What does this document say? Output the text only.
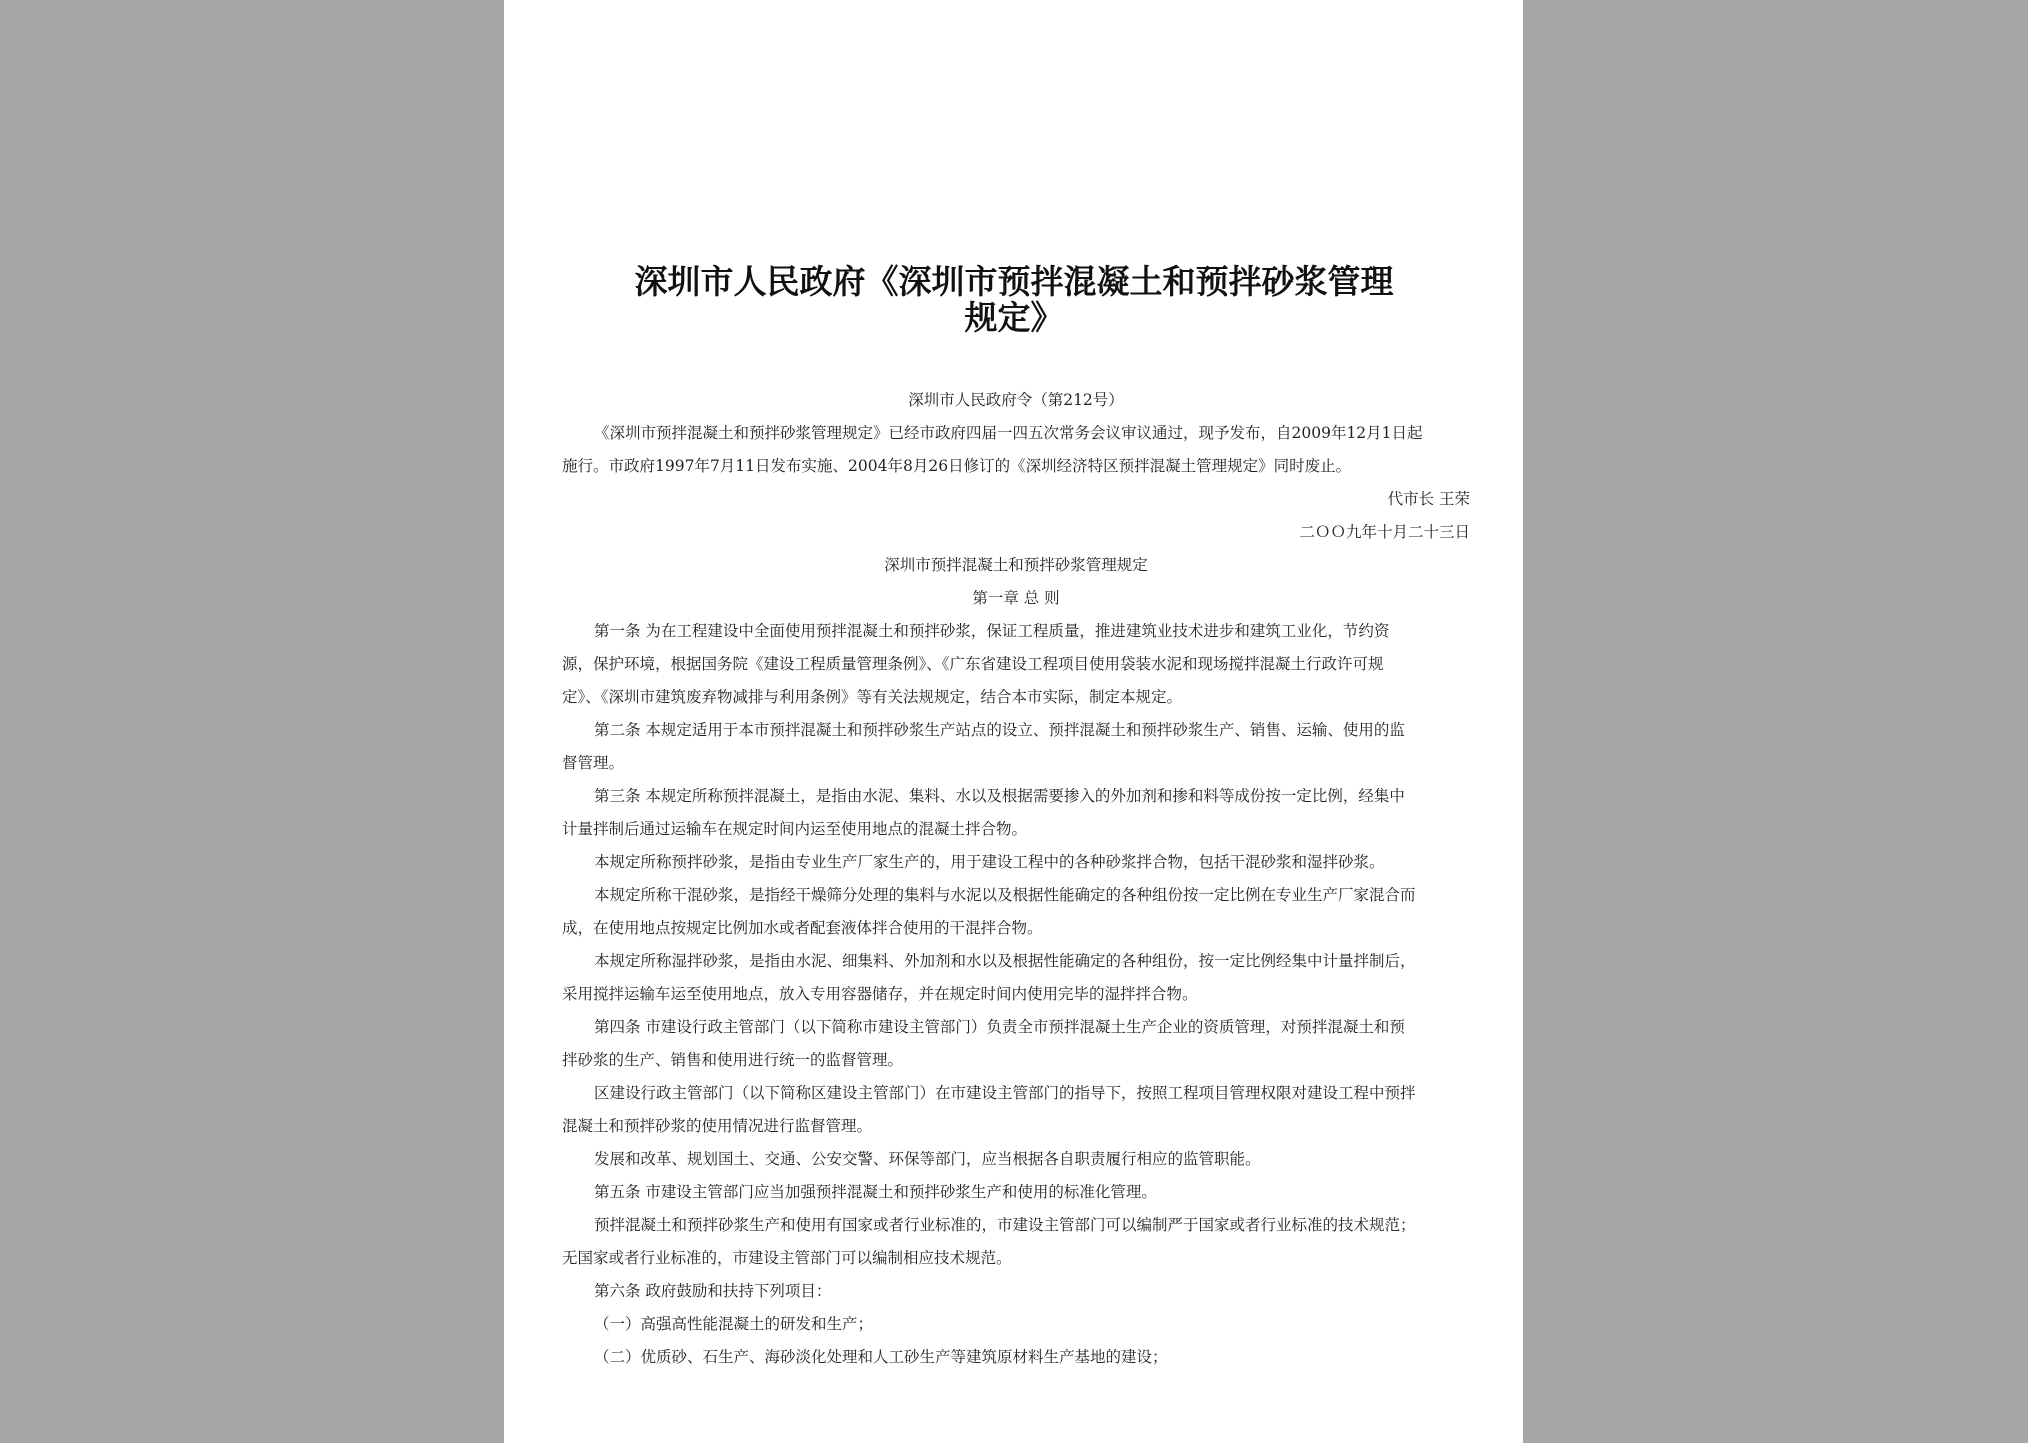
深圳市人民政府《深圳市预拌混凝土和预拌砂浆管理
规定》
深圳市人民政府令（第212号）
《深圳市预拌混凝土和预拌砂浆管理规定》已经市政府四届一四五次常务会议审议通过，现予发布，自2009年12月1日起
施行。市政府1997年7月11日发布实施、2004年8月26日修订的《深圳经济特区预拌混凝土管理规定》同时废止。
代市长 王荣
二ＯＯ九年十月二十三日
深圳市预拌混凝土和预拌砂浆管理规定
第一章 总 则
第一条 为在工程建设中全面使用预拌混凝土和预拌砂浆，保证工程质量，推进建筑业技术进步和建筑工业化，节约资
源，保护环境，根据国务院《建设工程质量管理条例》、《广东省建设工程项目使用袋装水泥和现场搅拌混凝土行政许可规
定》、《深圳市建筑废弃物减排与利用条例》等有关法规规定，结合本市实际，制定本规定。
第二条 本规定适用于本市预拌混凝土和预拌砂浆生产站点的设立、预拌混凝土和预拌砂浆生产、销售、运输、使用的监
督管理。
第三条 本规定所称预拌混凝土，是指由水泥、集料、水以及根据需要掺入的外加剂和掺和料等成份按一定比例，经集中
计量拌制后通过运输车在规定时间内运至使用地点的混凝土拌合物。
本规定所称预拌砂浆，是指由专业生产厂家生产的，用于建设工程中的各种砂浆拌合物，包括干混砂浆和湿拌砂浆。
本规定所称干混砂浆，是指经干燥筛分处理的集料与水泥以及根据性能确定的各种组份按一定比例在专业生产厂家混合而
成，在使用地点按规定比例加水或者配套液体拌合使用的干混拌合物。
本规定所称湿拌砂浆，是指由水泥、细集料、外加剂和水以及根据性能确定的各种组份，按一定比例经集中计量拌制后，
采用搅拌运输车运至使用地点，放入专用容器储存，并在规定时间内使用完毕的湿拌拌合物。
第四条 市建设行政主管部门（以下简称市建设主管部门）负责全市预拌混凝土生产企业的资质管理，对预拌混凝土和预
拌砂浆的生产、销售和使用进行统一的监督管理。
区建设行政主管部门（以下简称区建设主管部门）在市建设主管部门的指导下，按照工程项目管理权限对建设工程中预拌
混凝土和预拌砂浆的使用情况进行监督管理。
发展和改革、规划国土、交通、公安交警、环保等部门，应当根据各自职责履行相应的监管职能。
第五条 市建设主管部门应当加强预拌混凝土和预拌砂浆生产和使用的标准化管理。
预拌混凝土和预拌砂浆生产和使用有国家或者行业标准的，市建设主管部门可以编制严于国家或者行业标准的技术规范；
无国家或者行业标准的，市建设主管部门可以编制相应技术规范。
第六条 政府鼓励和扶持下列项目：
（一）高强高性能混凝土的研发和生产；
（二）优质砂、石生产、海砂淡化处理和人工砂生产等建筑原材料生产基地的建设；
